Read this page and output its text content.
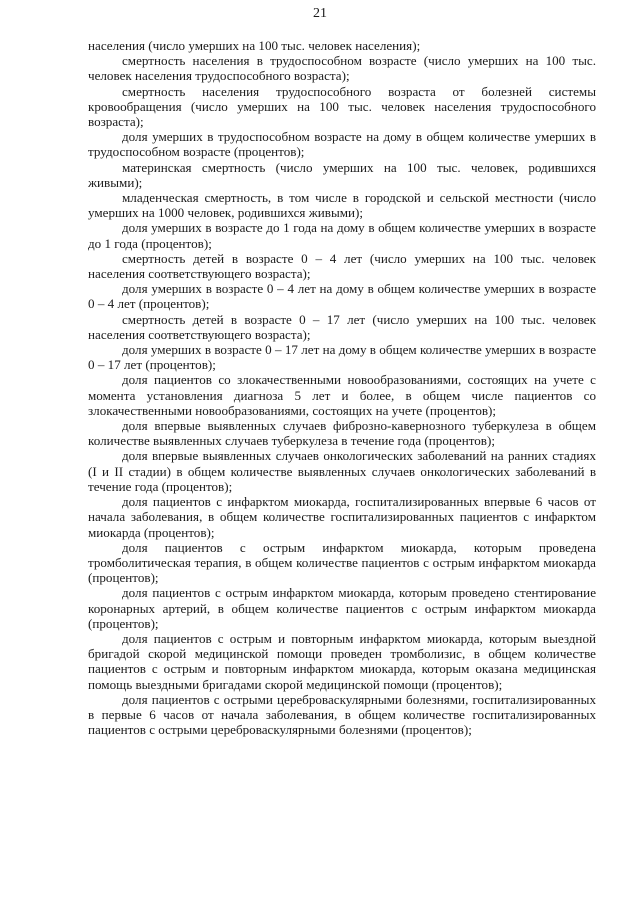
21

населения (число умерших на 100 тыс. человек населения);

смертность населения в трудоспособном возрасте (число умерших на 100 тыс. человек населения трудоспособного возраста);

смертность населения трудоспособного возраста от болезней системы кровообращения (число умерших на 100 тыс. человек населения трудоспособного возраста);

доля умерших в трудоспособном возрасте на дому в общем количестве умерших в трудоспособном возрасте (процентов);

материнская смертность (число умерших на 100 тыс. человек, родившихся живыми);

младенческая смертность, в том числе в городской и сельской местности (число умерших на 1000 человек, родившихся живыми);

доля умерших в возрасте до 1 года на дому в общем количестве умерших в возрасте до 1 года (процентов);

смертность детей в возрасте 0 – 4 лет (число умерших на 100 тыс. человек населения соответствующего возраста);

доля умерших в возрасте 0 – 4 лет на дому в общем количестве умерших в возрасте 0 – 4 лет (процентов);

смертность детей в возрасте 0 – 17 лет (число умерших на 100 тыс. человек населения соответствующего возраста);

доля умерших в возрасте 0 – 17 лет на дому в общем количестве умерших в возрасте 0 – 17 лет (процентов);

доля пациентов со злокачественными новообразованиями, состоящих на учете с момента установления диагноза 5 лет и более, в общем числе пациентов со злокачественными новообразованиями, состоящих на учете (процентов);

доля впервые выявленных случаев фиброзно-кавернозного туберкулеза в общем количестве выявленных случаев туберкулеза в течение года (процентов);

доля впервые выявленных случаев онкологических заболеваний на ранних стадиях (I и II стадии) в общем количестве выявленных случаев онкологических заболеваний в течение года (процентов);

доля пациентов с инфарктом миокарда, госпитализированных впервые 6 часов от начала заболевания, в общем количестве госпитализированных пациентов с инфарктом миокарда (процентов);

доля пациентов с острым инфарктом миокарда, которым проведена тромболитическая терапия, в общем количестве пациентов с острым инфарктом миокарда (процентов);

доля пациентов с острым инфарктом миокарда, которым проведено стентирование коронарных артерий, в общем количестве пациентов с острым инфарктом миокарда (процентов);

доля пациентов с острым и повторным инфарктом миокарда, которым выездной бригадой скорой медицинской помощи проведен тромболизис, в общем количестве пациентов с острым и повторным инфарктом миокарда, которым оказана медицинская помощь выездными бригадами скорой медицинской помощи (процентов);

доля пациентов с острыми цереброваскулярными болезнями, госпитализированных в первые 6 часов от начала заболевания, в общем количестве госпитализированных пациентов с острыми цереброваскулярными болезнями (процентов);
